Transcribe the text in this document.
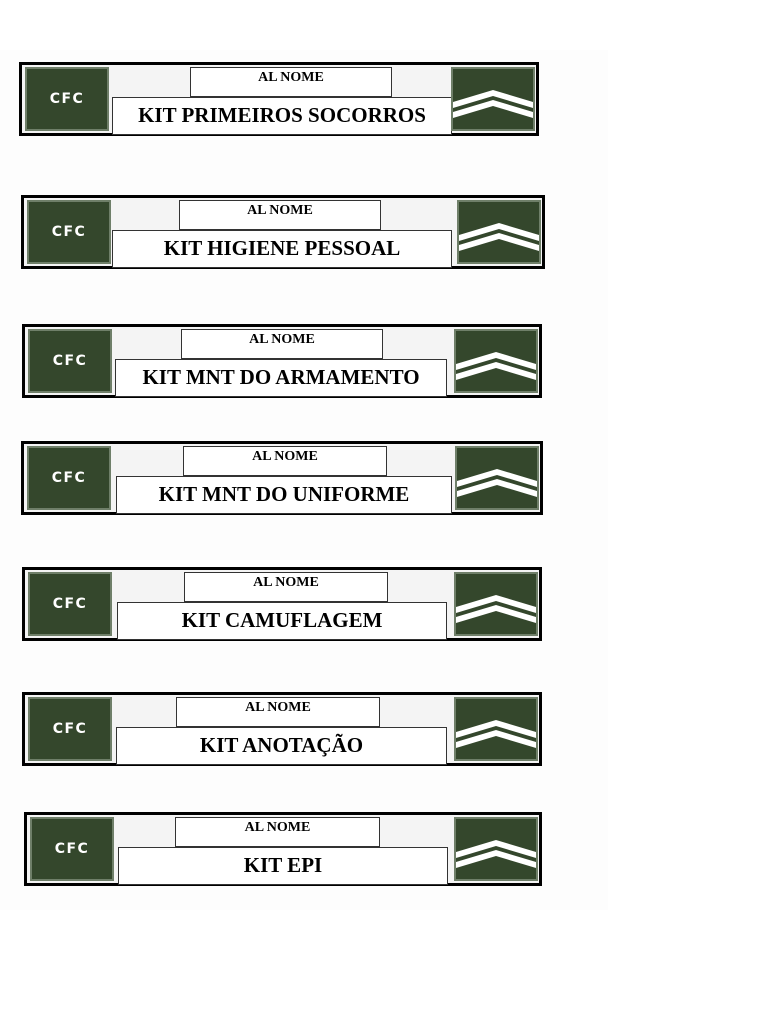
CFC
AL NOME
KIT PRIMEIROS SOCORROS
CFC
AL NOME
KIT HIGIENE PESSOAL
CFC
AL NOME
KIT MNT DO ARMAMENTO
CFC
AL NOME
KIT MNT DO UNIFORME
CFC
AL NOME
KIT CAMUFLAGEM
CFC
AL NOME
KIT ANOTAÇÃO
CFC
AL NOME
KIT EPI
